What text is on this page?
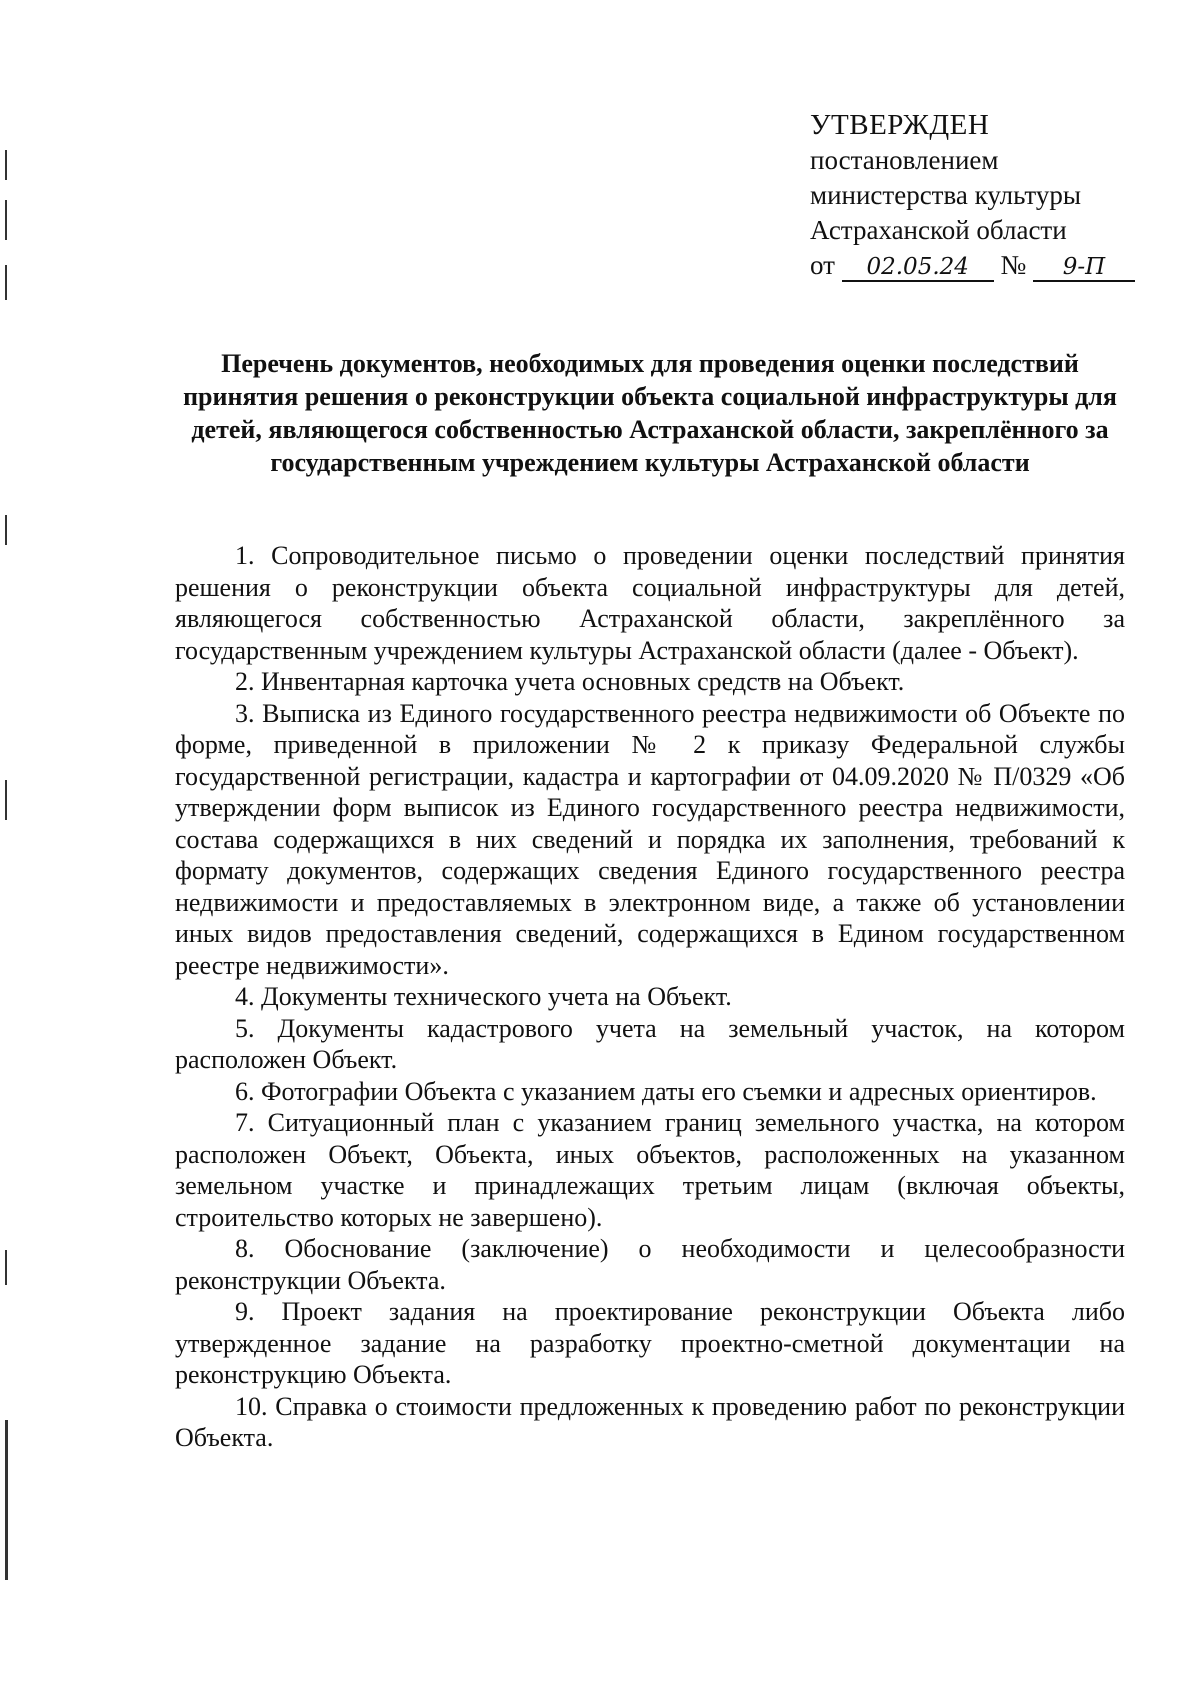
УТВЕРЖДЕН
постановлением
министерства культуры
Астраханской области
от 02.05.24 № 9-П
Перечень документов, необходимых для проведения оценки последствий принятия решения о реконструкции объекта социальной инфраструктуры для детей, являющегося собственностью Астраханской области, закреплённого за государственным учреждением культуры Астраханской области

1. Сопроводительное письмо о проведении оценки последствий принятия решения о реконструкции объекта социальной инфраструктуры для детей, являющегося собственностью Астраханской области, закреплённого за государственным учреждением культуры Астраханской области (далее - Объект).

2. Инвентарная карточка учета основных средств на Объект.

3. Выписка из Единого государственного реестра недвижимости об Объекте по форме, приведенной в приложении № 2 к приказу Федеральной службы государственной регистрации, кадастра и картографии от 04.09.2020 № П/0329 «Об утверждении форм выписок из Единого государственного реестра недвижимости, состава содержащихся в них сведений и порядка их заполнения, требований к формату документов, содержащих сведения Единого государственного реестра недвижимости и предоставляемых в электронном виде, а также об установлении иных видов предоставления сведений, содержащихся в Едином государственном реестре недвижимости».

4. Документы технического учета на Объект.

5. Документы кадастрового учета на земельный участок, на котором расположен Объект.

6. Фотографии Объекта с указанием даты его съемки и адресных ориентиров.

7. Ситуационный план с указанием границ земельного участка, на котором расположен Объект, Объекта, иных объектов, расположенных на указанном земельном участке и принадлежащих третьим лицам (включая объекты, строительство которых не завершено).

8. Обоснование (заключение) о необходимости и целесообразности реконструкции Объекта.

9. Проект задания на проектирование реконструкции Объекта либо утвержденное задание на разработку проектно-сметной документации на реконструкцию Объекта.

10. Справка о стоимости предложенных к проведению работ по реконструкции Объекта.
